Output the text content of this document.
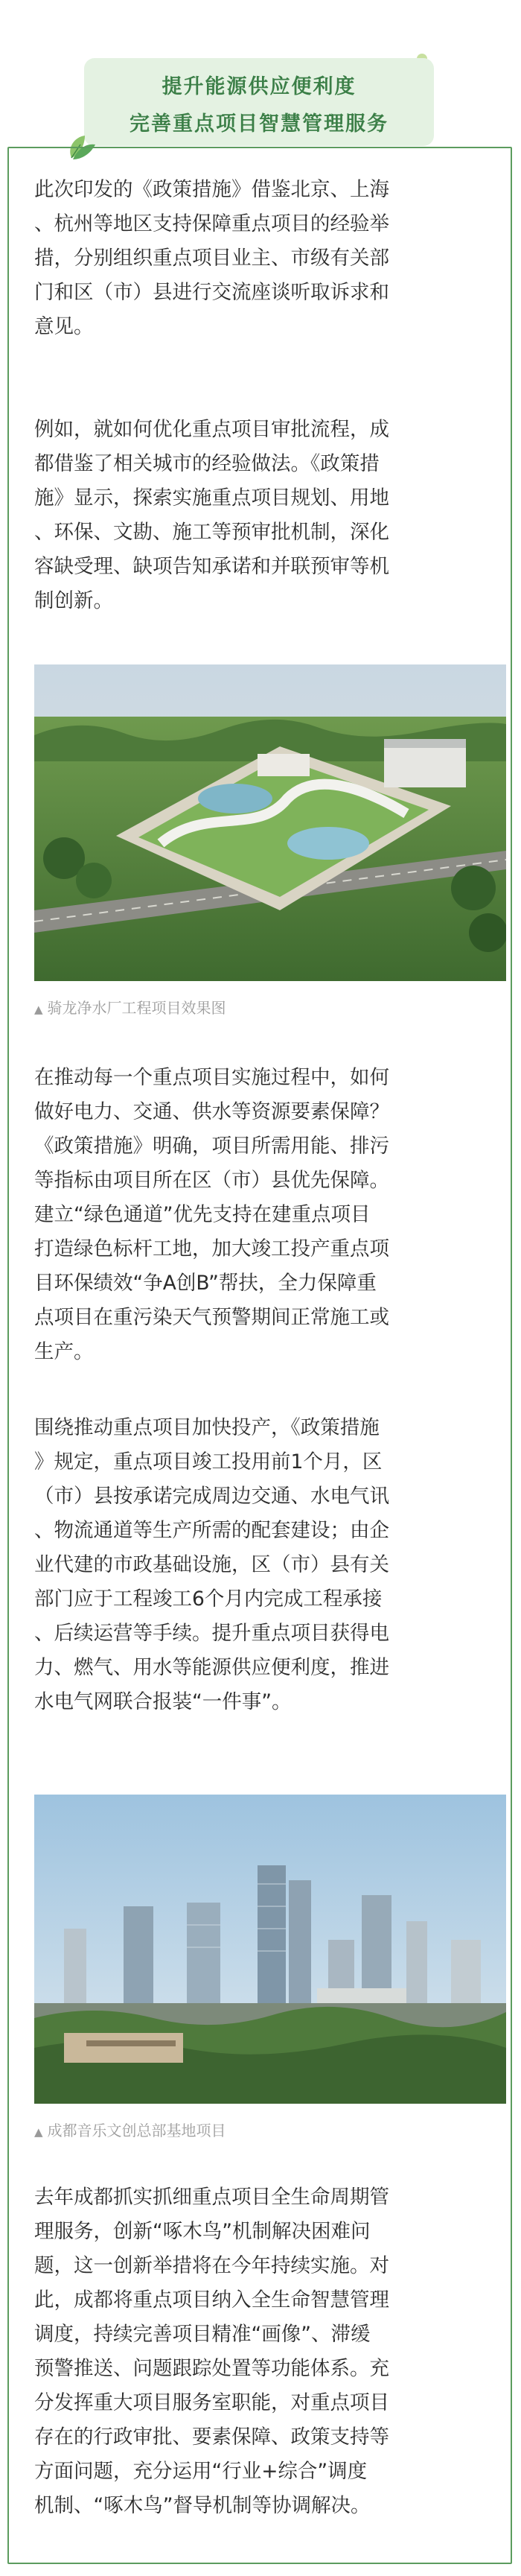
提升能源供应便利度
完善重点项目智慧管理服务
此次印发的《政策措施》借鉴北京、上海
、杭州等地区支持保障重点项目的经验举
措，分别组织重点项目业主、市级有关部
门和区（市）县进行交流座谈听取诉求和
意见。
例如，就如何优化重点项目审批流程，成
都借鉴了相关城市的经验做法。《政策措
施》显示，探索实施重点项目规划、用地
、环保、文勘、施工等预审批机制，深化
容缺受理、缺项告知承诺和并联预审等机
制创新。
▲ 骑龙净水厂工程项目效果图
在推动每一个重点项目实施过程中，如何
做好电力、交通、供水等资源要素保障？
《政策措施》明确，项目所需用能、排污
等指标由项目所在区（市）县优先保障。
建立“绿色通道”优先支持在建重点项目
打造绿色标杆工地，加大竣工投产重点项
目环保绩效“争A创B”帮扶，全力保障重
点项目在重污染天气预警期间正常施工或
生产。
围绕推动重点项目加快投产，《政策措施
》规定，重点项目竣工投用前1个月，区
（市）县按承诺完成周边交通、水电气讯
、物流通道等生产所需的配套建设；由企
业代建的市政基础设施，区（市）县有关
部门应于工程竣工6个月内完成工程承接
、后续运营等手续。提升重点项目获得电
力、燃气、用水等能源供应便利度，推进
水电气网联合报装“一件事”。
▲ 成都音乐文创总部基地项目
去年成都抓实抓细重点项目全生命周期管
理服务，创新“啄木鸟”机制解决困难问
题，这一创新举措将在今年持续实施。对
此，成都将重点项目纳入全生命智慧管理
调度，持续完善项目精准“画像”、滞缓
预警推送、问题跟踪处置等功能体系。充
分发挥重大项目服务室职能，对重点项目
存在的行政审批、要素保障、政策支持等
方面问题，充分运用“行业+综合”调度
机制、“啄木鸟”督导机制等协调解决。
